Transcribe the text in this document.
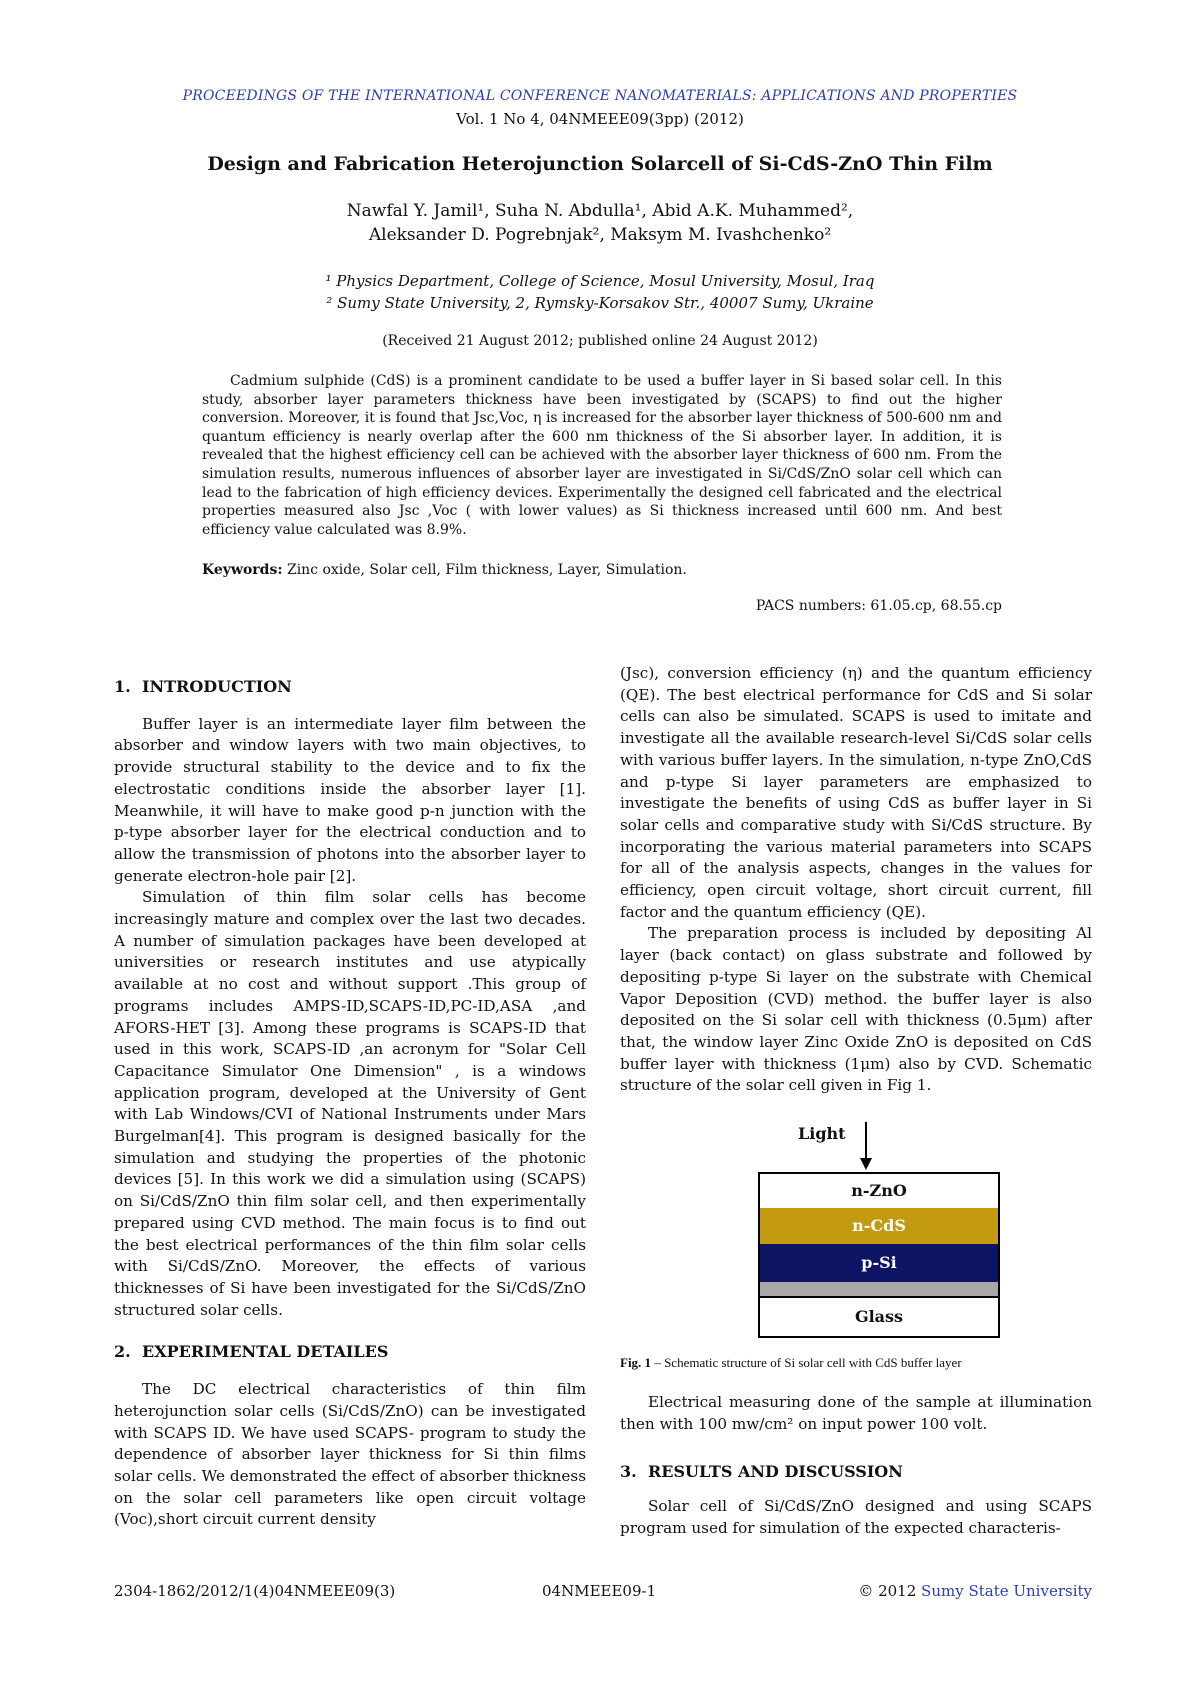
PROCEEDINGS OF THE INTERNATIONAL CONFERENCE NANOMATERIALS: APPLICATIONS AND PROPERTIES
Vol. 1 No 4, 04NMEEE09(3pp) (2012)
Design and Fabrication Heterojunction Solarcell of Si-CdS-ZnO Thin Film
Nawfal Y. Jamil¹, Suha N. Abdulla¹, Abid A.K. Muhammed²,
Aleksander D. Pogrebnjak², Maksym M. Ivashchenko²
¹ Physics Department, College of Science, Mosul University, Mosul, Iraq
² Sumy State University, 2, Rymsky-Korsakov Str., 40007 Sumy, Ukraine
(Received 21 August 2012; published online 24 August 2012)

Cadmium sulphide (CdS) is a prominent candidate to be used a buffer layer in Si based solar cell. In this study, absorber layer parameters thickness have been investigated by (SCAPS) to find out the higher conversion. Moreover, it is found that Jsc,Voc, η is increased for the absorber layer thickness of 500-600 nm and quantum efficiency is nearly overlap after the 600 nm thickness of the Si absorber layer. In addition, it is revealed that the highest efficiency cell can be achieved with the absorber layer thickness of 600 nm. From the simulation results, numerous influences of absorber layer are investigated in Si/CdS/ZnO solar cell which can lead to the fabrication of high efficiency devices. Experimentally the designed cell fabricated and the electrical properties measured also Jsc ,Voc ( with lower values) as Si thickness increased until 600 nm. And best efficiency value calculated was 8.9%.

Keywords: Zinc oxide, Solar cell, Film thickness, Layer, Simulation.
PACS numbers: 61.05.cp, 68.55.cp
1. INTRODUCTION

Buffer layer is an intermediate layer film between the absorber and window layers with two main objectives, to provide structural stability to the device and to fix the electrostatic conditions inside the absorber layer [1]. Meanwhile, it will have to make good p-n junction with the p-type absorber layer for the electrical conduction and to allow the transmission of photons into the absorber layer to generate electron-hole pair [2].

Simulation of thin film solar cells has become increasingly mature and complex over the last two decades. A number of simulation packages have been developed at universities or research institutes and use atypically available at no cost and without support .This group of programs includes AMPS-ID,SCAPS-ID,PC-ID,ASA ,and AFORS-HET [3]. Among these programs is SCAPS-ID that used in this work, SCAPS-ID ,an acronym for "Solar Cell Capacitance Simulator One Dimension" , is a windows application program, developed at the University of Gent with Lab Windows/CVI of National Instruments under Mars Burgelman[4]. This program is designed basically for the simulation and studying the properties of the photonic devices [5]. In this work we did a simulation using (SCAPS) on Si/CdS/ZnO thin film solar cell, and then experimentally prepared using CVD method. The main focus is to find out the best electrical performances of the thin film solar cells with Si/CdS/ZnO. Moreover, the effects of various thicknesses of Si have been investigated for the Si/CdS/ZnO structured solar cells.

2. EXPERIMENTAL DETAILES

The DC electrical characteristics of thin film heterojunction solar cells (Si/CdS/ZnO) can be investigated with SCAPS ID. We have used SCAPS- program to study the dependence of absorber layer thickness for Si thin films solar cells. We demonstrated the effect of absorber thickness on the solar cell parameters like open circuit voltage (Voc),short circuit current density

(Jsc), conversion efficiency (η) and the quantum efficiency (QE). The best electrical performance for CdS and Si solar cells can also be simulated. SCAPS is used to imitate and investigate all the available research-level Si/CdS solar cells with various buffer layers. In the simulation, n-type ZnO,CdS and p-type Si layer parameters are emphasized to investigate the benefits of using CdS as buffer layer in Si solar cells and comparative study with Si/CdS structure. By incorporating the various material parameters into SCAPS for all of the analysis aspects, changes in the values for efficiency, open circuit voltage, short circuit current, fill factor and the quantum efficiency (QE).

The preparation process is included by depositing Al layer (back contact) on glass substrate and followed by depositing p-type Si layer on the substrate with Chemical Vapor Deposition (CVD) method. the buffer layer is also deposited on the Si solar cell with thickness (0.5μm) after that, the window layer Zinc Oxide ZnO is deposited on CdS buffer layer with thickness (1μm) also by CVD. Schematic structure of the solar cell given in Fig 1.

Light
n-ZnO
n-CdS
p-Si
Glass
Fig. 1 – Schematic structure of Si solar cell with CdS buffer layer

Electrical measuring done of the sample at illumination then with 100 mw/cm² on input power 100 volt.

3. RESULTS AND DISCUSSION

Solar cell of Si/CdS/ZnO designed and using SCAPS program used for simulation of the expected characteris-

2304-1862/2012/1(4)04NMEEE09(3)	04NMEEE09-1	© 2012 Sumy State University
